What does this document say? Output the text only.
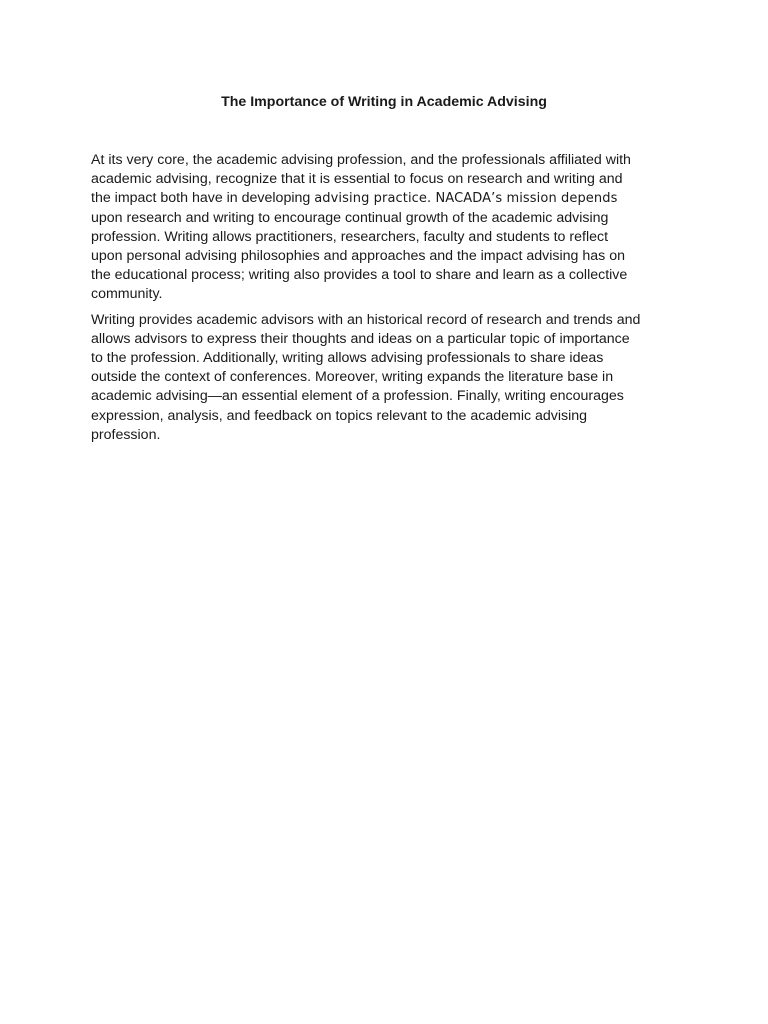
The Importance of Writing in Academic Advising

At its very core, the academic advising profession, and the professionals affiliated with
academic advising, recognize that it is essential to focus on research and writing and
the impact both have in developing advising practice. NACADA’s mission depends
upon research and writing to encourage continual growth of the academic advising
profession. Writing allows practitioners, researchers, faculty and students to reflect
upon personal advising philosophies and approaches and the impact advising has on
the educational process; writing also provides a tool to share and learn as a collective
community.

Writing provides academic advisors with an historical record of research and trends and
allows advisors to express their thoughts and ideas on a particular topic of importance
to the profession. Additionally, writing allows advising professionals to share ideas
outside the context of conferences. Moreover, writing expands the literature base in
academic advising—an essential element of a profession. Finally, writing encourages
expression, analysis, and feedback on topics relevant to the academic advising
profession.
